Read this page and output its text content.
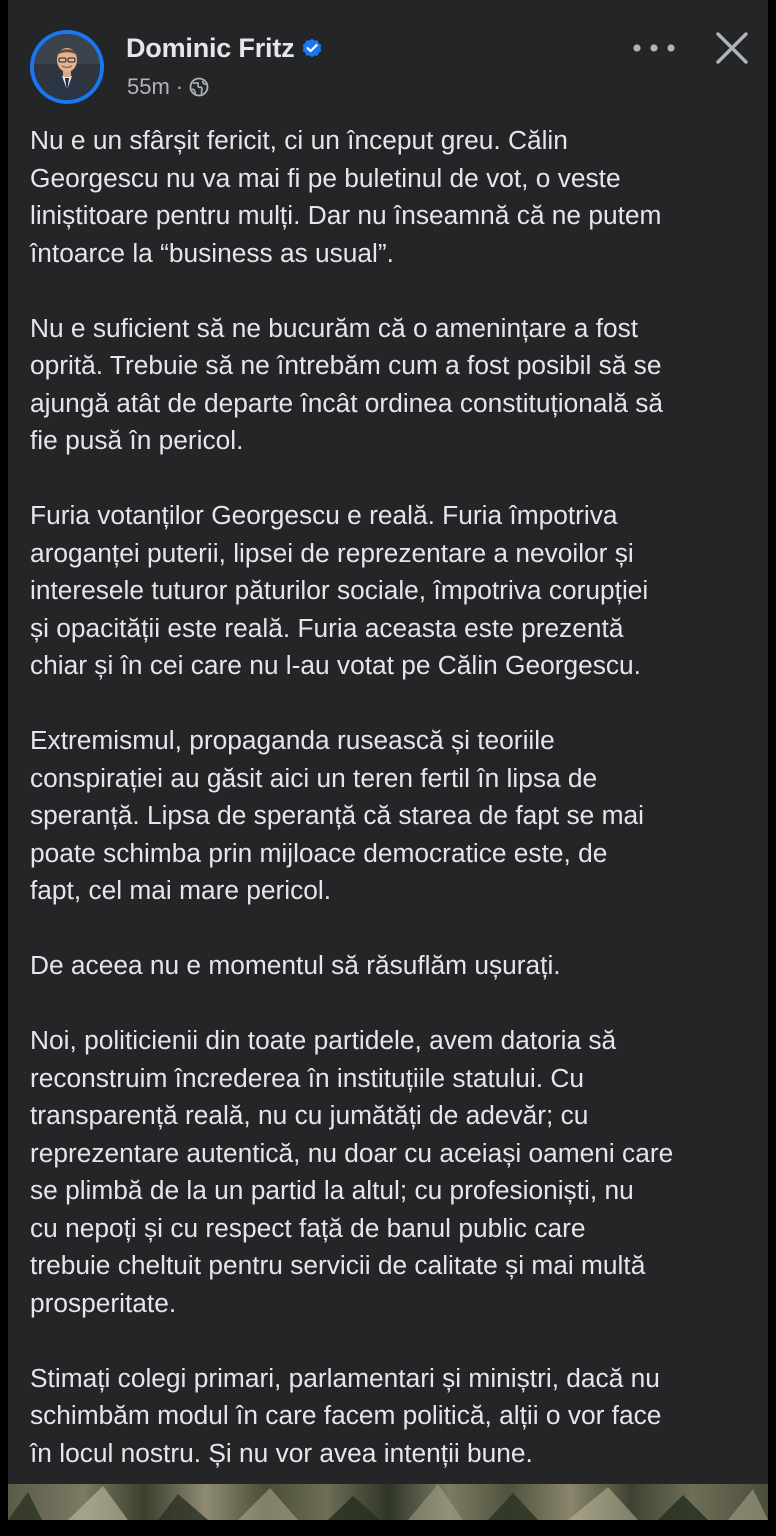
Dominic Fritz
55m ·

Nu e un sfârșit fericit, ci un început greu. Călin
Georgescu nu va mai fi pe buletinul de vot, o veste
liniștitoare pentru mulți. Dar nu înseamnă că ne putem
întoarce la “business as usual”.

Nu e suficient să ne bucurăm că o amenințare a fost
oprită. Trebuie să ne întrebăm cum a fost posibil să se
ajungă atât de departe încât ordinea constituțională să
fie pusă în pericol.

Furia votanților Georgescu e reală. Furia împotriva
aroganței puterii, lipsei de reprezentare a nevoilor și
interesele tuturor păturilor sociale, împotriva corupției
și opacității este reală. Furia aceasta este prezentă
chiar și în cei care nu l-au votat pe Călin Georgescu.

Extremismul, propaganda rusească și teoriile
conspirației au găsit aici un teren fertil în lipsa de
speranță. Lipsa de speranță că starea de fapt se mai
poate schimba prin mijloace democratice este, de
fapt, cel mai mare pericol.

De aceea nu e momentul să răsuflăm ușurați.

Noi, politicienii din toate partidele, avem datoria să
reconstruim încrederea în instituțiile statului. Cu
transparență reală, nu cu jumătăți de adevăr; cu
reprezentare autentică, nu doar cu aceiași oameni care
se plimbă de la un partid la altul; cu profesioniști, nu
cu nepoți și cu respect față de banul public care
trebuie cheltuit pentru servicii de calitate și mai multă
prosperitate.

Stimați colegi primari, parlamentari și miniștri, dacă nu
schimbăm modul în care facem politică, alții o vor face
în locul nostru. Și nu vor avea intenții bune.
